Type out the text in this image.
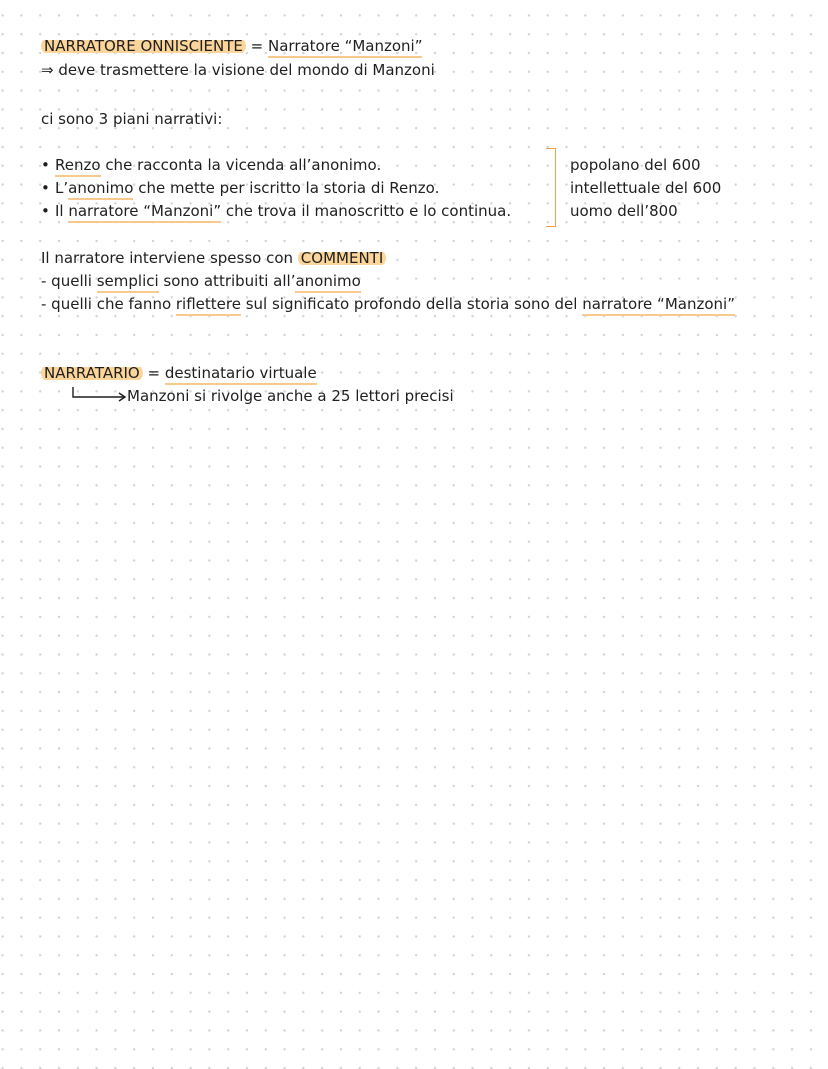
NARRATORE ONNISCIENTE = Narratore “Manzoni”
⇒ deve trasmettere la visione del mondo di Manzoni
ci sono 3 piani narrativi:
• Renzo che racconta la vicenda all’anonimo.
• L’anonimo che mette per iscritto la storia di Renzo.
• Il narratore “Manzoni” che trova il manoscritto e lo continua.
popolano del 600
intellettuale del 600
uomo dell’800
Il narratore interviene spesso con COMMENTI
- quelli semplici sono attribuiti all’anonimo
- quelli che fanno riflettere sul significato profondo della storia sono del narratore “Manzoni”
NARRATARIO = destinatario virtuale
Manzoni si rivolge anche a 25 lettori precisi
